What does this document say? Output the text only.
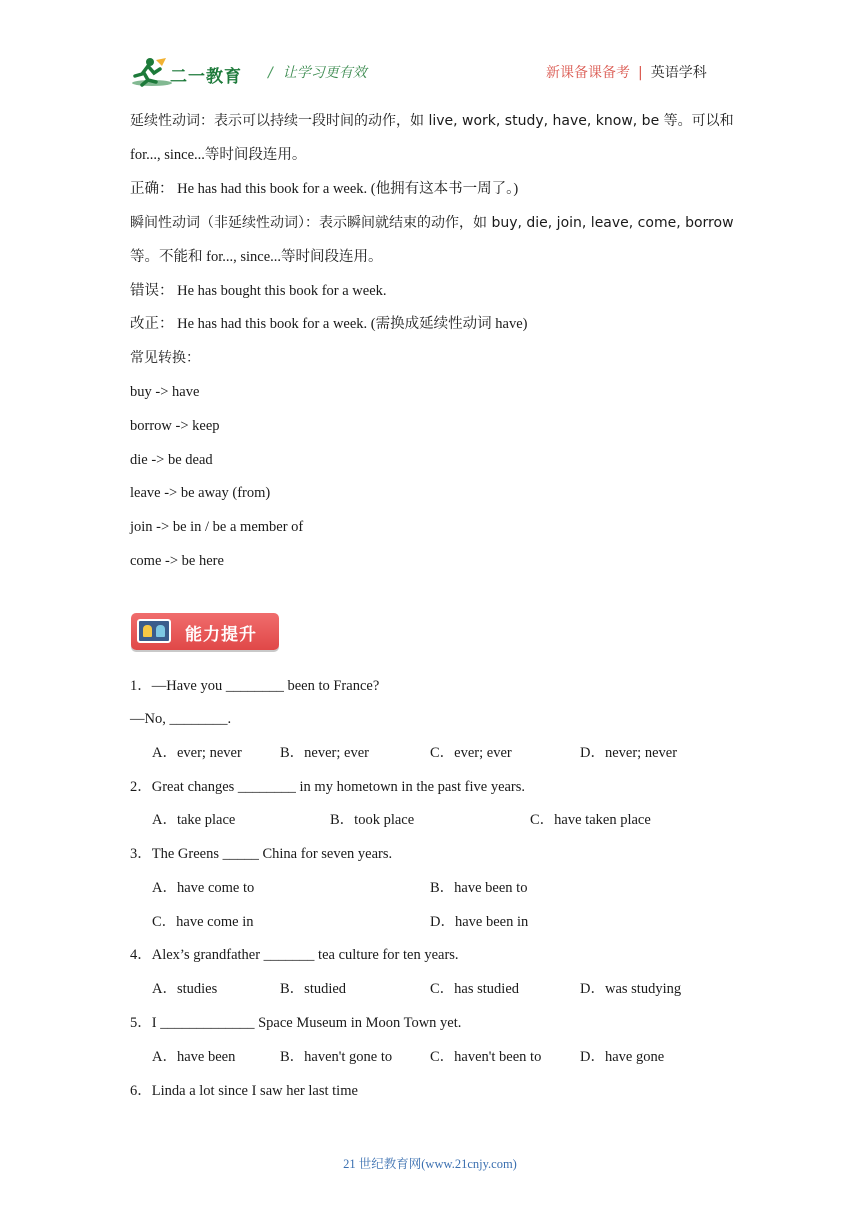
二一教育 / 让学习更有效	新课备课备考 | 英语学科
延续性动词：表示可以持续一段时间的动作，如 live, work, study, have, know, be 等。可以和
for..., since...等时间段连用。
正确： He has had this book for a week. (他拥有这本书一周了。)
瞬间性动词（非延续性动词）：表示瞬间就结束的动作，如 buy, die, join, leave, come, borrow
等。不能和 for..., since...等时间段连用。
错误： He has bought this book for a week.
改正： He has had this book for a week. (需换成延续性动词 have)
常见转换：
buy -> have
borrow -> keep
die -> be dead
leave -> be away (from)
join -> be in / be a member of
come -> be here
能力提升
1．—Have you ________ been to France?
—No, ________.
A．ever; never	B．never; ever	C．ever; ever	D．never; never
2．Great changes ________ in my hometown in the past five years.
A．take place	B．took place	C．have taken place
3．The Greens _____ China for seven years.
A．have come to	B．have been to
C．have come in	D．have been in
4．Alex’s grandfather _______ tea culture for ten years.
A．studies	B．studied	C．has studied	D．was studying
5．I _____________ Space Museum in Moon Town yet.
A．have been	B．haven't gone to	C．haven't been to	D．have gone
6．Linda a lot since I saw her last time
21 世纪教育网(www.21cnjy.com)
